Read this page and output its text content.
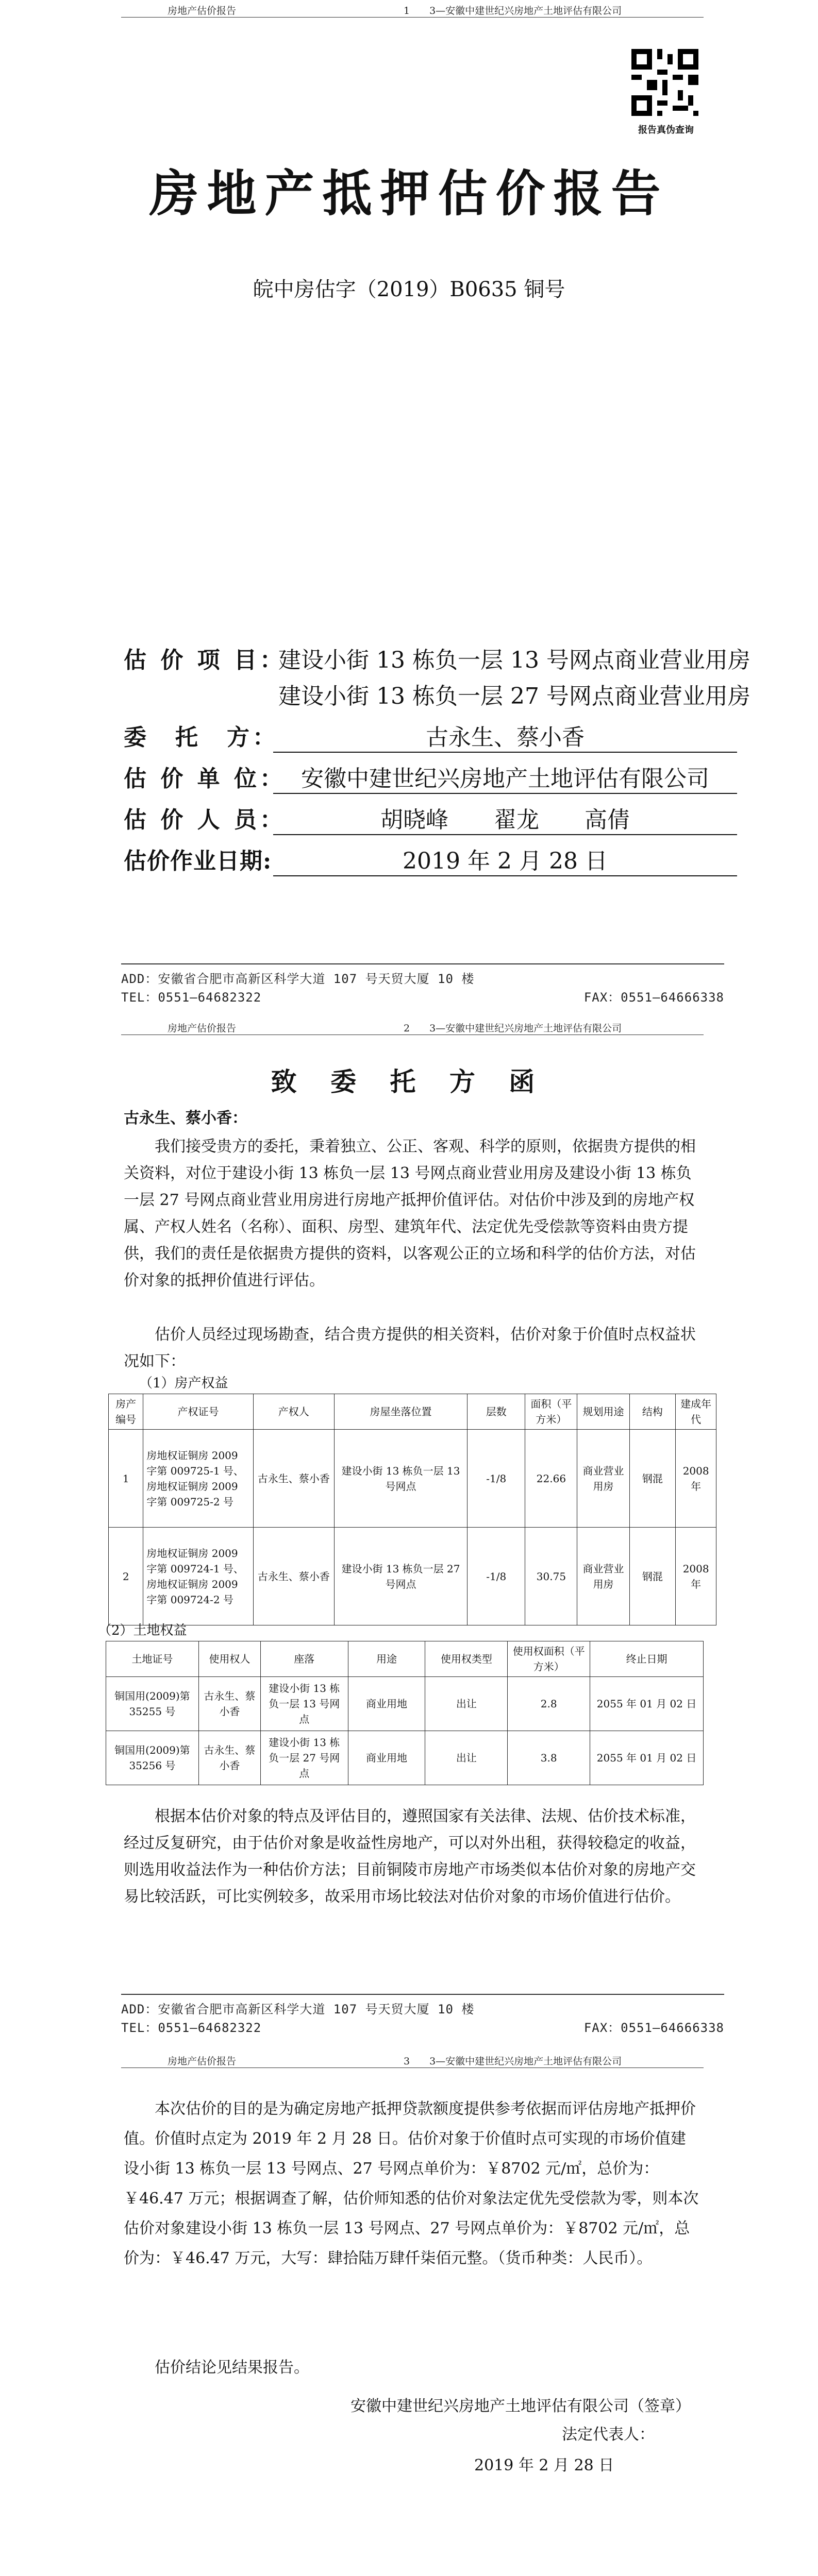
房地产估价报告	1　　3—安徽中建世纪兴房地产土地评估有限公司
报告真伪查询
房地产抵押估价报告
皖中房估字（2019）B0635 铜号
估 价 项 目：
建设小街 13 栋负一层 13 号网点商业营业用房
建设小街 13 栋负一层 27 号网点商业营业用房
委　托　方：	古永生、蔡小香
估 价 单 位： 安徽中建世纪兴房地产土地评估有限公司
估 价 人 员：	胡晓峰　　翟龙　　高倩
估价作业日期:	2019 年 2 月 28 日
ADD：安徽省合肥市高新区科学大道 107 号天贸大厦 10 楼
TEL：0551—64682322	FAX：0551—64666338
房地产估价报告	2　　3—安徽中建世纪兴房地产土地评估有限公司
致 委 托 方 函
古永生、蔡小香：
我们接受贵方的委托，秉着独立、公正、客观、科学的原则，依据贵方提供的相关资料，对位于建设小街 13 栋负一层 13 号网点商业营业用房及建设小街 13 栋负一层 27 号网点商业营业用房进行房地产抵押价值评估。对估价中涉及到的房地产权属、产权人姓名（名称）、面积、房型、建筑年代、法定优先受偿款等资料由贵方提供，我们的责任是依据贵方提供的资料，以客观公正的立场和科学的估价方法，对估价对象的抵押价值进行评估。
估价人员经过现场勘查，结合贵方提供的相关资料，估价对象于价值时点权益状况如下：
（1）房产权益
房产编号	产权证号	产权人	房屋坐落位置	层数	面积（平方米）	规划用途	结构	建成年代
1	房地权证铜房 2009 字第 009725-1 号、房地权证铜房 2009 字第 009725-2 号	古永生、蔡小香	建设小街 13 栋负一层 13 号网点	-1/8	22.66	商业营业用房	钢混	2008 年
2	房地权证铜房 2009 字第 009724-1 号、房地权证铜房 2009 字第 009724-2 号	古永生、蔡小香	建设小街 13 栋负一层 27 号网点	-1/8	30.75	商业营业用房	钢混	2008 年
（2）土地权益
土地证号	使用权人	座落	用途	使用权类型	使用权面积（平方米）	终止日期
铜国用(2009)第 35255 号	古永生、蔡小香	建设小街 13 栋负一层 13 号网点	商业用地	出让	2.8	2055 年 01 月 02 日
铜国用(2009)第 35256 号	古永生、蔡小香	建设小街 13 栋负一层 27 号网点	商业用地	出让	3.8	2055 年 01 月 02 日
根据本估价对象的特点及评估目的，遵照国家有关法律、法规、估价技术标准，经过反复研究，由于估价对象是收益性房地产，可以对外出租，获得较稳定的收益，则选用收益法作为一种估价方法；目前铜陵市房地产市场类似本估价对象的房地产交易比较活跃，可比实例较多，故采用市场比较法对估价对象的市场价值进行估价。
ADD：安徽省合肥市高新区科学大道 107 号天贸大厦 10 楼
TEL：0551—64682322	FAX：0551—64666338
房地产估价报告	3　　3—安徽中建世纪兴房地产土地评估有限公司
本次估价的目的是为确定房地产抵押贷款额度提供参考依据而评估房地产抵押价值。价值时点定为 2019 年 2 月 28 日。估价对象于价值时点可实现的市场价值建设小街 13 栋负一层 13 号网点、27 号网点单价为：￥8702 元/㎡，总价为：￥46.47 万元；根据调查了解，估价师知悉的估价对象法定优先受偿款为零，则本次估价对象建设小街 13 栋负一层 13 号网点、27 号网点单价为：￥8702 元/㎡，总价为：￥46.47 万元，大写：肆拾陆万肆仟柒佰元整。（货币种类：人民币）。
估价结论见结果报告。
安徽中建世纪兴房地产土地评估有限公司（签章）
法定代表人：
2019 年 2 月 28 日
